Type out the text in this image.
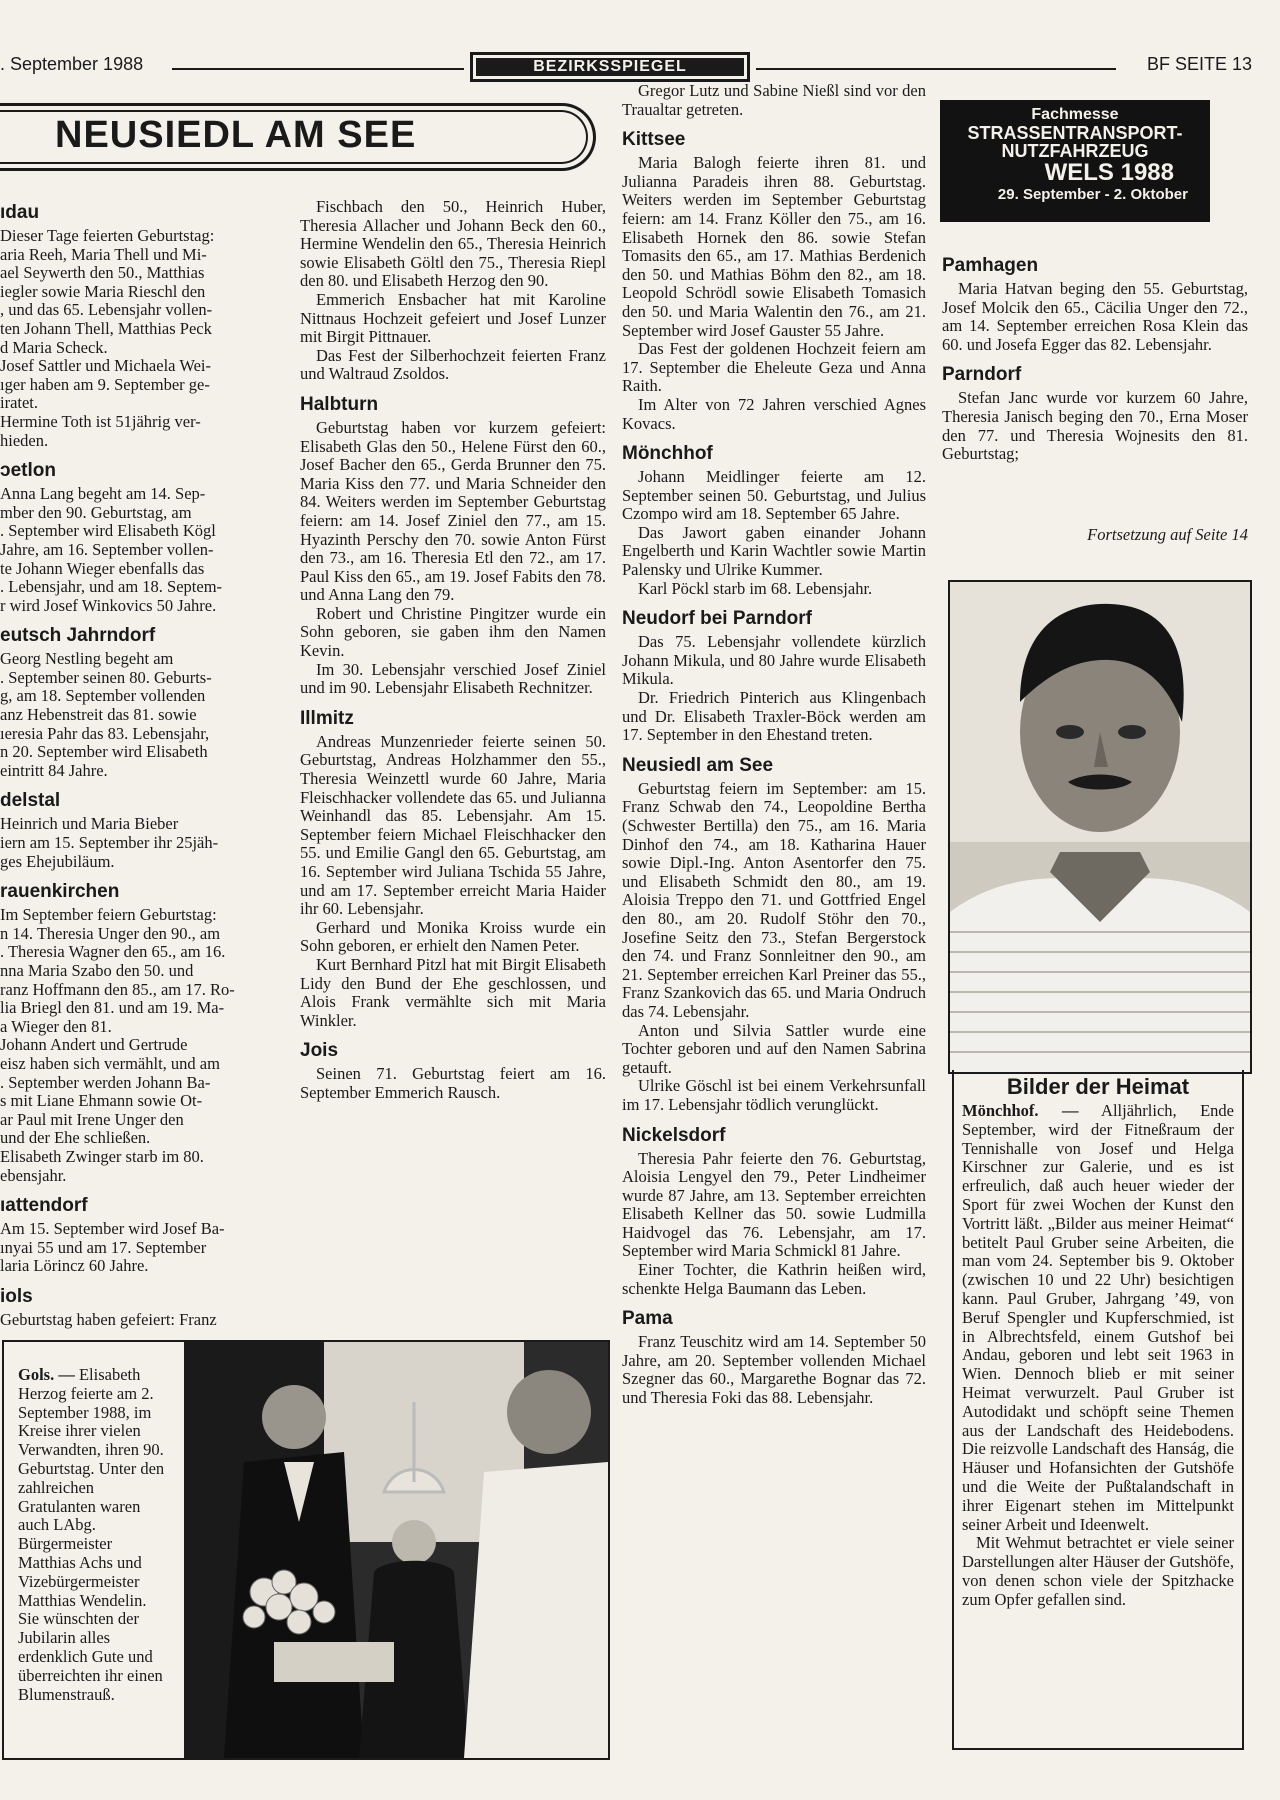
. September 1988	BEZIRKSSPIEGEL	BF SEITE 13
NEUSIEDL AM SEE
ıdau

Dieser Tage feierten Geburtstag:

aria Reeh, Maria Thell und Mi-

ael Seywerth den 50., Matthias

iegler sowie Maria Rieschl den

, und das 65. Lebensjahr vollen-

ten Johann Thell, Matthias Peck

d Maria Scheck.

Josef Sattler und Michaela Wei-

ıger haben am 9. September ge-

iratet.

Hermine Toth ist 51jährig ver-

hieden.

ɔetlon

Anna Lang begeht am 14. Sep-

mber den 90. Geburtstag, am

. September wird Elisabeth Kögl

Jahre, am 16. September vollen-

te Johann Wieger ebenfalls das

. Lebensjahr, und am 18. Septem-

r wird Josef Winkovics 50 Jahre.

eutsch Jahrndorf

Georg Nestling begeht am

. September seinen 80. Geburts-

g, am 18. September vollenden

anz Hebenstreit das 81. sowie

ıeresia Pahr das 83. Lebensjahr,

n 20. September wird Elisabeth

eintritt 84 Jahre.

delstal

Heinrich und Maria Bieber

iern am 15. September ihr 25jäh-

ges Ehejubiläum.

rauenkirchen

Im September feiern Geburtstag:

n 14. Theresia Unger den 90., am

. Theresia Wagner den 65., am 16.

nna Maria Szabo den 50. und

ranz Hoffmann den 85., am 17. Ro-

lia Briegl den 81. und am 19. Ma-

a Wieger den 81.

Johann Andert und Gertrude

eisz haben sich vermählt, und am

. September werden Johann Ba-

s mit Liane Ehmann sowie Ot-

ar Paul mit Irene Unger den

und der Ehe schließen.

Elisabeth Zwinger starb im 80.

ebensjahr.

ıattendorf

Am 15. September wird Josef Ba-

ınyai 55 und am 17. September

laria Lörincz 60 Jahre.

iols

Geburtstag haben gefeiert: Franz

Fischbach den 50., Heinrich Huber, Theresia Allacher und Johann Beck den 60., Hermine Wendelin den 65., Theresia Heinrich sowie Elisabeth Göltl den 75., Theresia Riepl den 80. und Elisabeth Herzog den 90.

Emmerich Ensbacher hat mit Karoline Nittnaus Hochzeit gefeiert und Josef Lunzer mit Birgit Pittnauer.

Das Fest der Silberhochzeit feierten Franz und Waltraud Zsoldos.

Halbturn

Geburtstag haben vor kurzem gefeiert: Elisabeth Glas den 50., Helene Fürst den 60., Josef Bacher den 65., Gerda Brunner den 75. Maria Kiss den 77. und Maria Schneider den 84. Weiters werden im September Geburtstag feiern: am 14. Josef Ziniel den 77., am 15. Hyazinth Perschy den 70. sowie Anton Fürst den 73., am 16. Theresia Etl den 72., am 17. Paul Kiss den 65., am 19. Josef Fabits den 78. und Anna Lang den 79.

Robert und Christine Pingitzer wurde ein Sohn geboren, sie gaben ihm den Namen Kevin.

Im 30. Lebensjahr verschied Josef Ziniel und im 90. Lebensjahr Elisabeth Rechnitzer.

Illmitz

Andreas Munzenrieder feierte seinen 50. Geburtstag, Andreas Holzhammer den 55., Theresia Weinzettl wurde 60 Jahre, Maria Fleischhacker vollendete das 65. und Julianna Weinhandl das 85. Lebensjahr. Am 15. September feiern Michael Fleischhacker den 55. und Emilie Gangl den 65. Geburtstag, am 16. September wird Juliana Tschida 55 Jahre, und am 17. September erreicht Maria Haider ihr 60. Lebensjahr.

Gerhard und Monika Kroiss wurde ein Sohn geboren, er erhielt den Namen Peter.

Kurt Bernhard Pitzl hat mit Birgit Elisabeth Lidy den Bund der Ehe geschlossen, und Alois Frank vermählte sich mit Maria Winkler.

Jois

Seinen 71. Geburtstag feiert am 16. September Emmerich Rausch.

Gregor Lutz und Sabine Nießl sind vor den Traualtar getreten.

Kittsee

Maria Balogh feierte ihren 81. und Julianna Paradeis ihren 88. Geburtstag. Weiters werden im September Geburtstag feiern: am 14. Franz Köller den 75., am 16. Elisabeth Hornek den 86. sowie Stefan Tomasits den 65., am 17. Mathias Berdenich den 50. und Mathias Böhm den 82., am 18. Leopold Schrödl sowie Elisabeth Tomasich den 50. und Maria Walentin den 76., am 21. September wird Josef Gauster 55 Jahre.

Das Fest der goldenen Hochzeit feiern am 17. September die Eheleute Geza und Anna Raith.

Im Alter von 72 Jahren verschied Agnes Kovacs.

Mönchhof

Johann Meidlinger feierte am 12. September seinen 50. Geburtstag, und Julius Czompo wird am 18. September 65 Jahre.

Das Jawort gaben einander Johann Engelberth und Karin Wachtler sowie Martin Palensky und Ulrike Kummer.

Karl Pöckl starb im 68. Lebensjahr.

Neudorf bei Parndorf

Das 75. Lebensjahr vollendete kürzlich Johann Mikula, und 80 Jahre wurde Elisabeth Mikula.

Dr. Friedrich Pinterich aus Klingenbach und Dr. Elisabeth Traxler-Böck werden am 17. September in den Ehestand treten.

Neusiedl am See

Geburtstag feiern im September: am 15. Franz Schwab den 74., Leopoldine Bertha (Schwester Bertilla) den 75., am 16. Maria Dinhof den 74., am 18. Katharina Hauer sowie Dipl.-Ing. Anton Asentorfer den 75. und Elisabeth Schmidt den 80., am 19. Aloisia Treppo den 71. und Gottfried Engel den 80., am 20. Rudolf Stöhr den 70., Josefine Seitz den 73., Stefan Bergerstock den 74. und Franz Sonnleitner den 90., am 21. September erreichen Karl Preiner das 55., Franz Szankovich das 65. und Maria Ondruch das 74. Lebensjahr.

Anton und Silvia Sattler wurde eine Tochter geboren und auf den Namen Sabrina getauft.

Ulrike Göschl ist bei einem Verkehrsunfall im 17. Lebensjahr tödlich verunglückt.

Nickelsdorf

Theresia Pahr feierte den 76. Geburtstag, Aloisia Lengyel den 79., Peter Lindheimer wurde 87 Jahre, am 13. September erreichten Elisabeth Kellner das 50. sowie Ludmilla Haidvogel das 76. Lebensjahr, am 17. September wird Maria Schmickl 81 Jahre.

Einer Tochter, die Kathrin heißen wird, schenkte Helga Baumann das Leben.

Pama

Franz Teuschitz wird am 14. September 50 Jahre, am 20. September vollenden Michael Szegner das 60., Margarethe Bognar das 72. und Theresia Foki das 88. Lebensjahr.

Fachmesse
STRASSENTRANSPORT-
NUTZFAHRZEUG
WELS 1988
29. September - 2. Oktober
Pamhagen

Maria Hatvan beging den 55. Geburtstag, Josef Molcik den 65., Cäcilia Unger den 72., am 14. September erreichen Rosa Klein das 60. und Josefa Egger das 82. Lebensjahr.

Parndorf

Stefan Janc wurde vor kurzem 60 Jahre, Theresia Janisch beging den 70., Erna Moser den 77. und Theresia Wojnesits den 81. Geburtstag;

Fortsetzung auf Seite 14

Bilder der Heimat
Mönchhof. — Alljährlich, Ende September, wird der Fitneßraum der Tennishalle von Josef und Helga Kirschner zur Galerie, und es ist erfreulich, daß auch heuer wieder der Sport für zwei Wochen der Kunst den Vortritt läßt. „Bilder aus meiner Heimat“ betitelt Paul Gruber seine Arbeiten, die man vom 24. September bis 9. Oktober (zwischen 10 und 22 Uhr) besichtigen kann. Paul Gruber, Jahrgang ’49, von Beruf Spengler und Kupferschmied, ist in Albrechtsfeld, einem Gutshof bei Andau, geboren und lebt seit 1963 in Wien. Dennoch blieb er mit seiner Heimat verwurzelt. Paul Gruber ist Autodidakt und schöpft seine Themen aus der Landschaft des Heidebodens. Die reizvolle Landschaft des Hanság, die Häuser und Hofansichten der Gutshöfe und die Weite der Pußtalandschaft in ihrer Eigenart stehen im Mittelpunkt seiner Arbeit und Ideenwelt.
Mit Wehmut betrachtet er viele seiner Darstellungen alter Häuser der Gutshöfe, von denen schon viele der Spitzhacke zum Opfer gefallen sind.
Gols. — Elisabeth Herzog feierte am 2. September 1988, im Kreise ihrer vielen Verwandten, ihren 90. Geburtstag. Unter den zahlreichen Gratulanten waren auch LAbg. Bürgermeister Matthias Achs und Vizebürgermeister Matthias Wendelin. Sie wünschten der Jubilarin alles erdenklich Gute und überreichten ihr einen Blumenstrauß.
